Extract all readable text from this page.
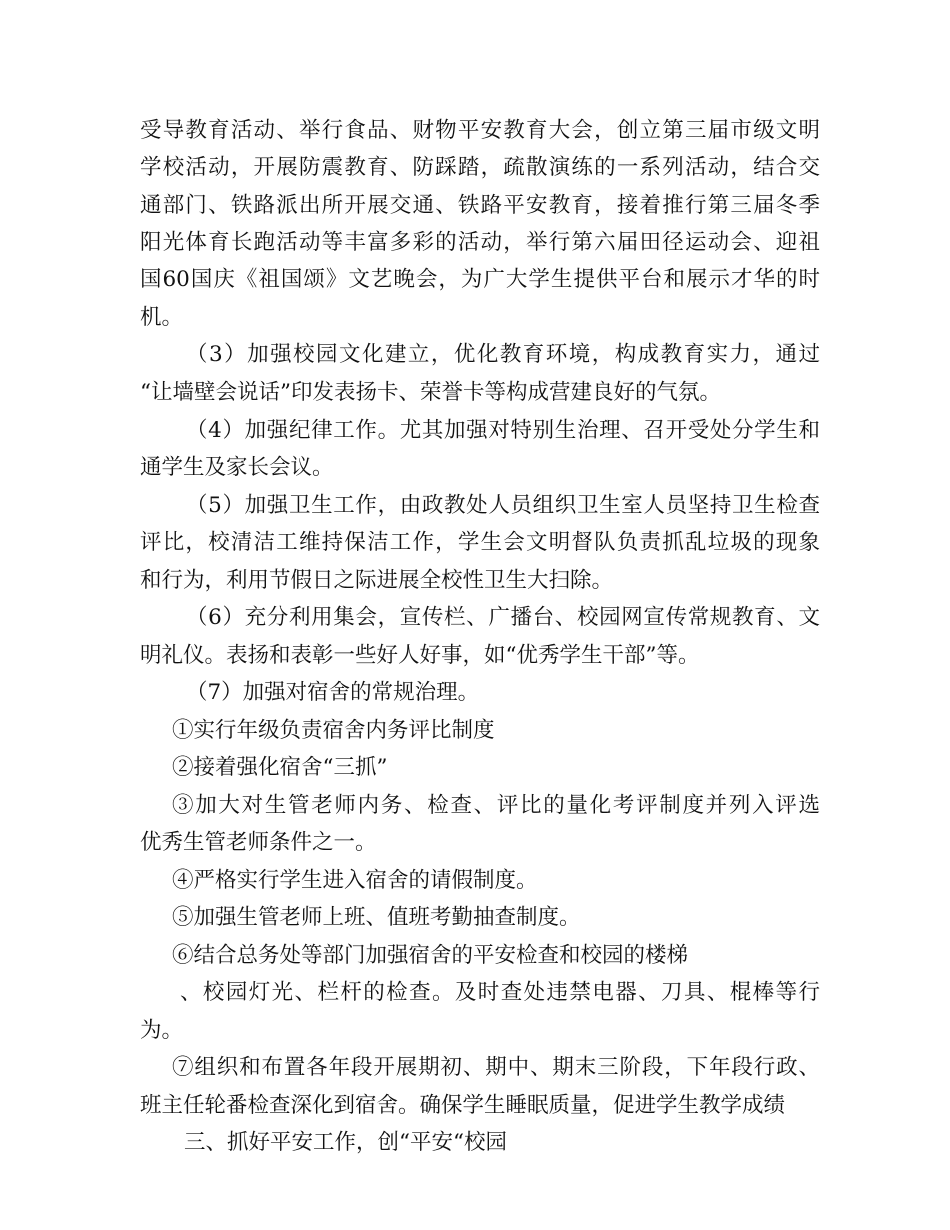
受导教育活动、举行食品、财物平安教育大会，创立第三届市级文明
学校活动，开展防震教育、防踩踏，疏散演练的一系列活动，结合交
通部门、铁路派出所开展交通、铁路平安教育，接着推行第三届冬季
阳光体育长跑活动等丰富多彩的活动，举行第六届田径运动会、迎祖
国60国庆《祖国颂》文艺晚会，为广大学生提供平台和展示才华的时
机。
（3）加强校园文化建立，优化教育环境，构成教育实力，通过
“让墙壁会说话”印发表扬卡、荣誉卡等构成营建良好的气氛。
（4）加强纪律工作。尤其加强对特别生治理、召开受处分学生和
通学生及家长会议。
（5）加强卫生工作，由政教处人员组织卫生室人员坚持卫生检查
评比，校清洁工维持保洁工作，学生会文明督队负责抓乱垃圾的现象
和行为，利用节假日之际进展全校性卫生大扫除。
（6）充分利用集会，宣传栏、广播台、校园网宣传常规教育、文
明礼仪。表扬和表彰一些好人好事，如“优秀学生干部”等。
（7）加强对宿舍的常规治理。
①实行年级负责宿舍内务评比制度
②接着强化宿舍“三抓”
③加大对生管老师内务、检查、评比的量化考评制度并列入评选
优秀生管老师条件之一。
④严格实行学生进入宿舍的请假制度。
⑤加强生管老师上班、值班考勤抽查制度。
⑥结合总务处等部门加强宿舍的平安检查和校园的楼梯
、校园灯光、栏杆的检查。及时查处违禁电器、刀具、棍棒等行
为。
⑦组织和布置各年段开展期初、期中、期末三阶段，下年段行政、
班主任轮番检查深化到宿舍。确保学生睡眠质量，促进学生教学成绩
三、抓好平安工作，创“平安“校园
